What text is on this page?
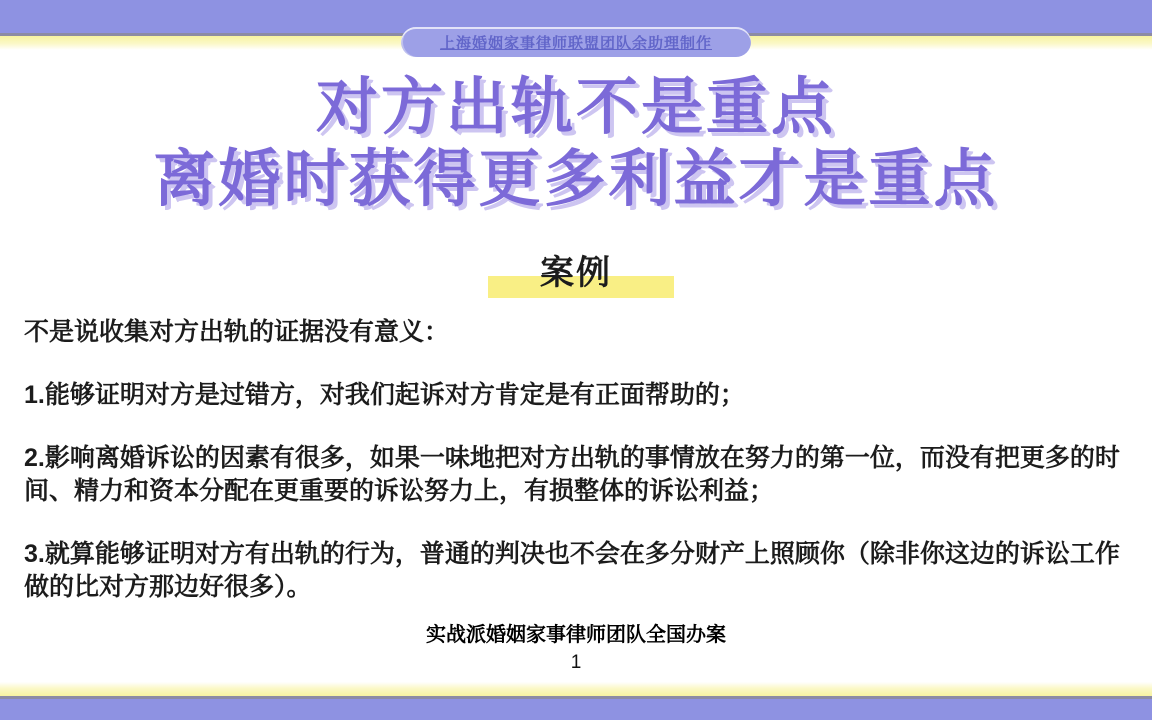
上海婚姻家事律师联盟团队余助理制作
对方出轨不是重点
离婚时获得更多利益才是重点
案例

不是说收集对方出轨的证据没有意义：

1.能够证明对方是过错方，对我们起诉对方肯定是有正面帮助的；

2.影响离婚诉讼的因素有很多，如果一味地把对方出轨的事情放在努力的第一位，而没有把更多的时间、精力和资本分配在更重要的诉讼努力上，有损整体的诉讼利益；

3.就算能够证明对方有出轨的行为，普通的判决也不会在多分财产上照顾你（除非你这边的诉讼工作做的比对方那边好很多）。

实战派婚姻家事律师团队全国办案
1
